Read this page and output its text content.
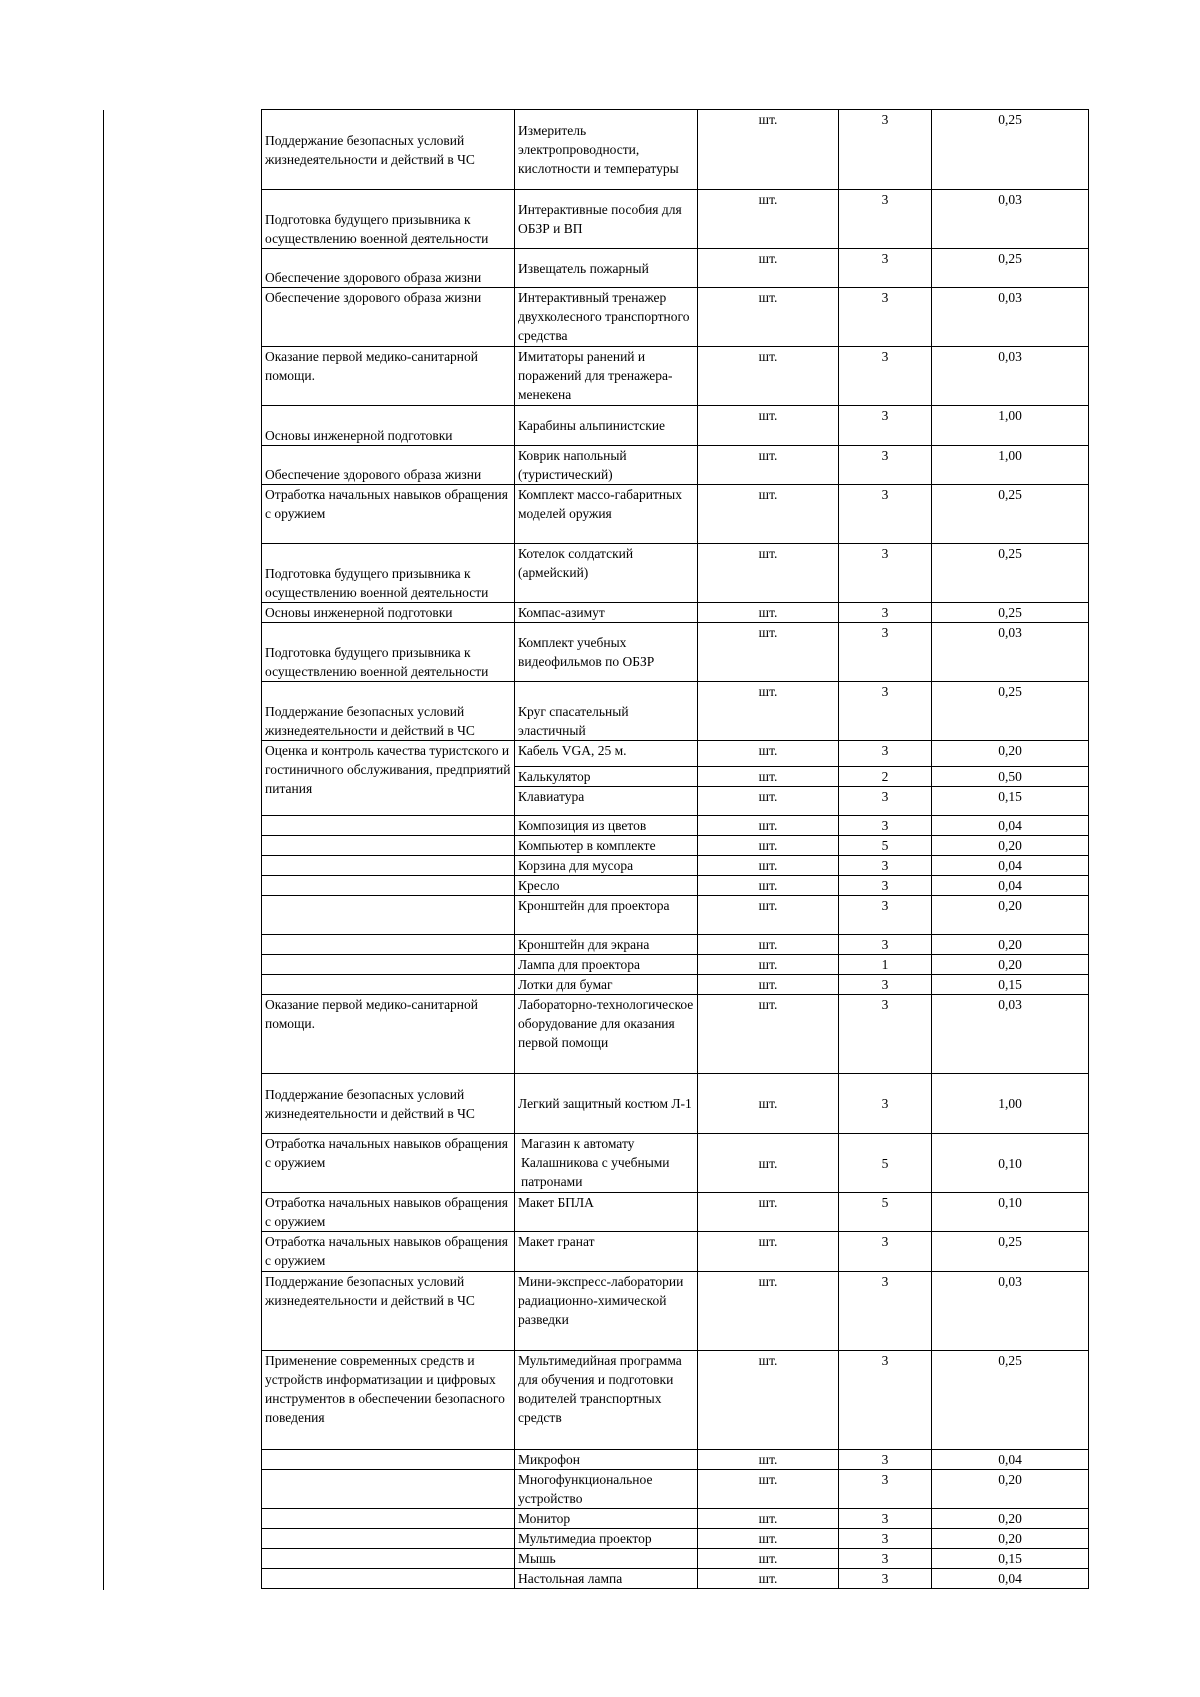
Поддержание безопасных условий жизнедеятельности и действий в ЧС	Измеритель электропроводности, кислотности и температуры	шт.	3	0,25
Подготовка будущего призывника к осуществлению военной деятельности	Интерактивные пособия для ОБЗР и ВП	шт.	3	0,03
Обеспечение здорового образа жизни	Извещатель пожарный	шт.	3	0,25
Обеспечение здорового образа жизни	Интерактивный тренажер двухколесного транспортного средства	шт.	3	0,03
Оказание первой медико-санитарной помощи.	Имитаторы ранений и поражений для тренажера-менекена	шт.	3	0,03
Основы инженерной подготовки	Карабины альпинистские	шт.	3	1,00
Обеспечение здорового образа жизни	Коврик напольный (туристический)	шт.	3	1,00
Отработка начальных навыков обращения с оружием	Комплект массо-габаритных моделей оружия	шт.	3	0,25
Подготовка будущего призывника к осуществлению военной деятельности	Котелок солдатский (армейский)	шт.	3	0,25
Основы инженерной подготовки	Компас-азимут	шт.	3	0,25
Подготовка будущего призывника к осуществлению военной деятельности	Комплект учебных видеофильмов по ОБЗР	шт.	3	0,03
Поддержание безопасных условий жизнедеятельности и действий в ЧС	Круг спасательный эластичный	шт.	3	0,25
Оценка и контроль качества туристского и гостиничного обслуживания, предприятий питания	Кабель VGA, 25 м.	шт.	3	0,20
	Калькулятор	шт.	2	0,50
	Клавиатура	шт.	3	0,15
	Композиция из цветов	шт.	3	0,04
	Компьютер в комплекте	шт.	5	0,20
	Корзина для мусора	шт.	3	0,04
	Кресло	шт.	3	0,04
	Кронштейн для проектора	шт.	3	0,20
	Кронштейн для экрана	шт.	3	0,20
	Лампа для проектора	шт.	1	0,20
	Лотки для бумаг	шт.	3	0,15
Оказание первой медико-санитарной помощи.	Лабораторно-технологическое оборудование для оказания первой помощи	шт.	3	0,03
Поддержание безопасных условий жизнедеятельности и действий в ЧС	Легкий защитный костюм Л-1	шт.	3	1,00
Отработка начальных навыков обращения с оружием	Магазин к автомату Калашникова с учебными патронами	шт.	5	0,10
Отработка начальных навыков обращения с оружием	Макет БПЛА	шт.	5	0,10
Отработка начальных навыков обращения с оружием	Макет гранат	шт.	3	0,25
Поддержание безопасных условий жизнедеятельности и действий в ЧС	Мини-экспресс-лаборатории радиационно-химической разведки	шт.	3	0,03
Применение современных средств и устройств информатизации и цифровых инструментов в обеспечении безопасного поведения	Мультимедийная программа для обучения и подготовки водителей транспортных средств	шт.	3	0,25
	Микрофон	шт.	3	0,04
	Многофункциональное устройство	шт.	3	0,20
	Монитор	шт.	3	0,20
	Мультимедиа проектор	шт.	3	0,20
	Мышь	шт.	3	0,15
	Настольная лампа	шт.	3	0,04
